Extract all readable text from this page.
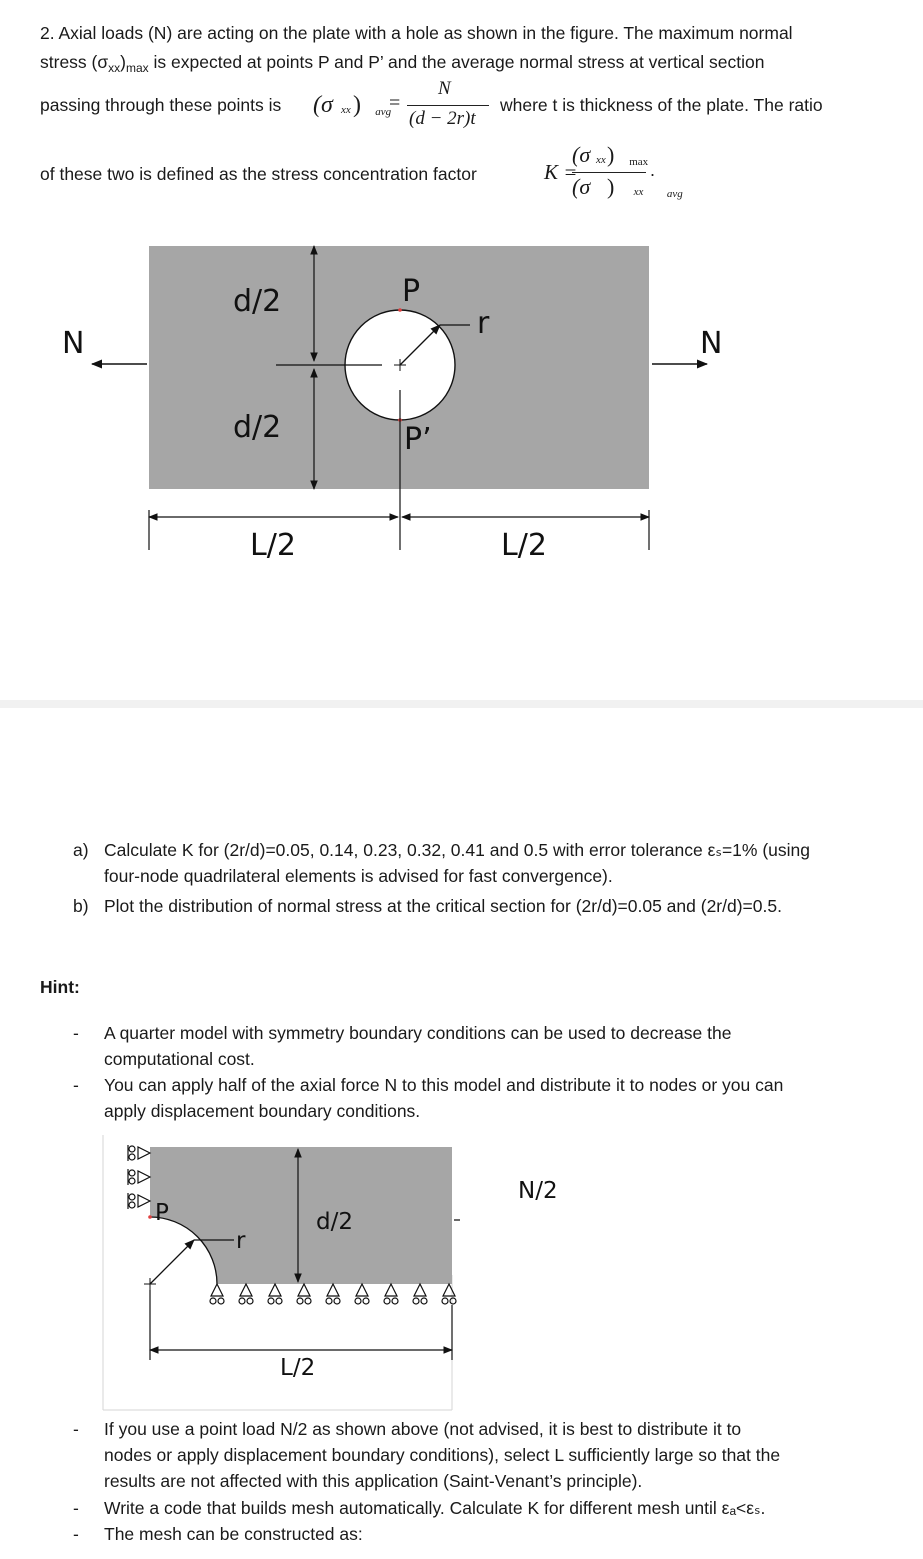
2. Axial loads (N) are acting on the plate with a hole as shown in the figure. The maximum normal
stress $(\sigma_{xx})_{max}$ is expected at points P and P’ and the average normal stress at vertical section
passing through these points is (σ $_{xx}$ ) $_{avg}$
=
N
(d − 2r)t
where t is thickness of the plate. The ratio
of these two is defined as the stress concentration factor	K =
(σ $_{xx}$ ) $_{max}$
(σ	$_{xx}$
)	$_{avg}$
.
N	N
d/2
d/2
P
P’
r
L/2	L/2
a) Calculate K for (2r/d)=0.05, 0.14, 0.23, 0.32, 0.41 and 0.5 with error tolerance εₛ=1% (using
four-node quadrilateral elements is advised for fast convergence).
b) Plot the distribution of normal stress at the critical section for (2r/d)=0.05 and (2r/d)=0.5.
Hint:
- A quarter model with symmetry boundary conditions can be used to decrease the
computational cost.
- You can apply half of the axial force N to this model and distribute it to nodes or you can
apply displacement boundary conditions.
P
r
d/2
N/2
L/2
- If you use a point load N/2 as shown above (not advised, it is best to distribute it to
nodes or apply displacement boundary conditions), select L sufficiently large so that the
results are not affected with this application (Saint-Venant’s principle).
- Write a code that builds mesh automatically. Calculate K for different mesh until εₐ<εₛ.
- The mesh can be constructed as:
